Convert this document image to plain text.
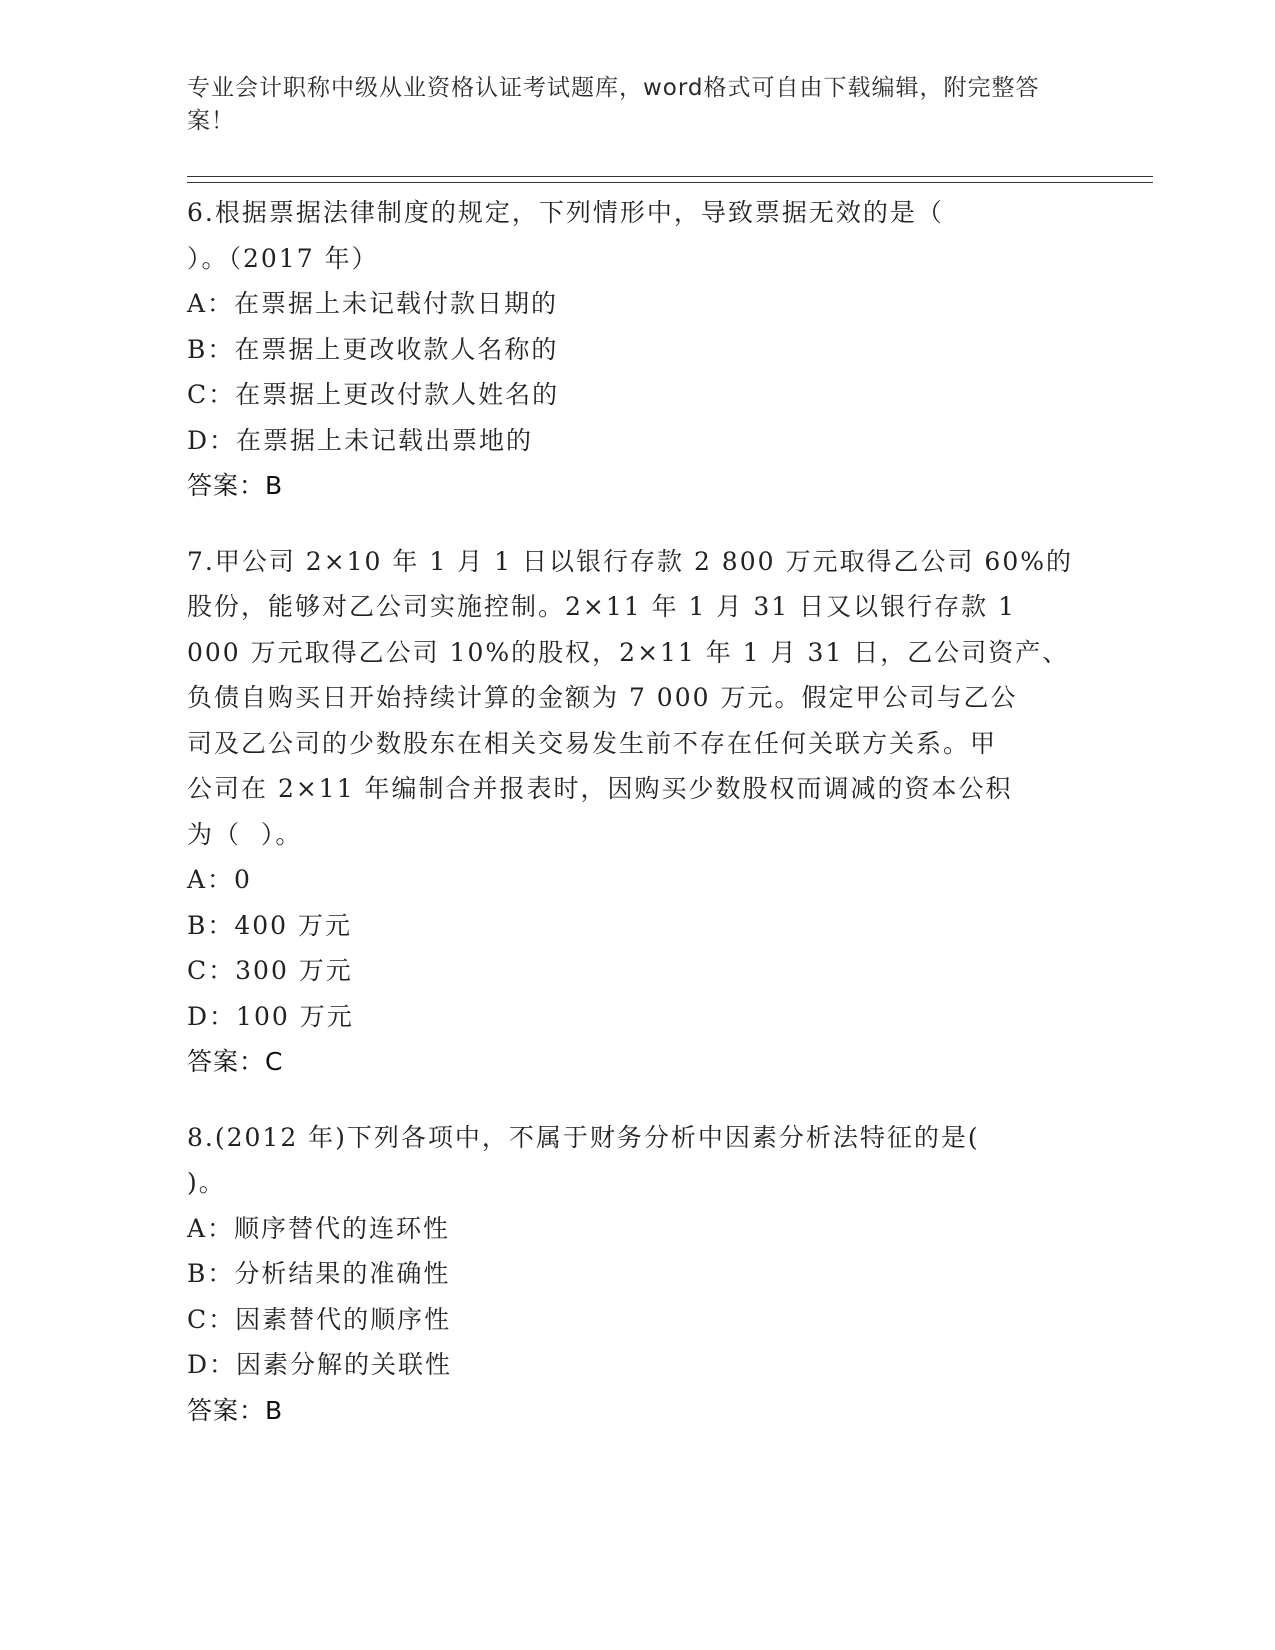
专业会计职称中级从业资格认证考试题库，word格式可自由下载编辑，附完整答案！
6.根据票据法律制度的规定，下列情形中，导致票据无效的是（
）。（2017 年）
A：在票据上未记载付款日期的
B：在票据上更改收款人名称的
C：在票据上更改付款人姓名的
D：在票据上未记载出票地的
答案：B
7.甲公司 2×10 年 1 月 1 日以银行存款 2 800 万元取得乙公司 60%的
股份，能够对乙公司实施控制。2×11 年 1 月 31 日又以银行存款 1
000 万元取得乙公司 10%的股权，2×11 年 1 月 31 日，乙公司资产、
负债自购买日开始持续计算的金额为 7 000 万元。假定甲公司与乙公
司及乙公司的少数股东在相关交易发生前不存在任何关联方关系。甲
公司在 2×11 年编制合并报表时，因购买少数股权而调减的资本公积
为（  ）。
A：0
B：400 万元
C：300 万元
D：100 万元
答案：C
8.(2012 年)下列各项中，不属于财务分析中因素分析法特征的是(
)。
A：顺序替代的连环性
B：分析结果的准确性
C：因素替代的顺序性
D：因素分解的关联性
答案：B
